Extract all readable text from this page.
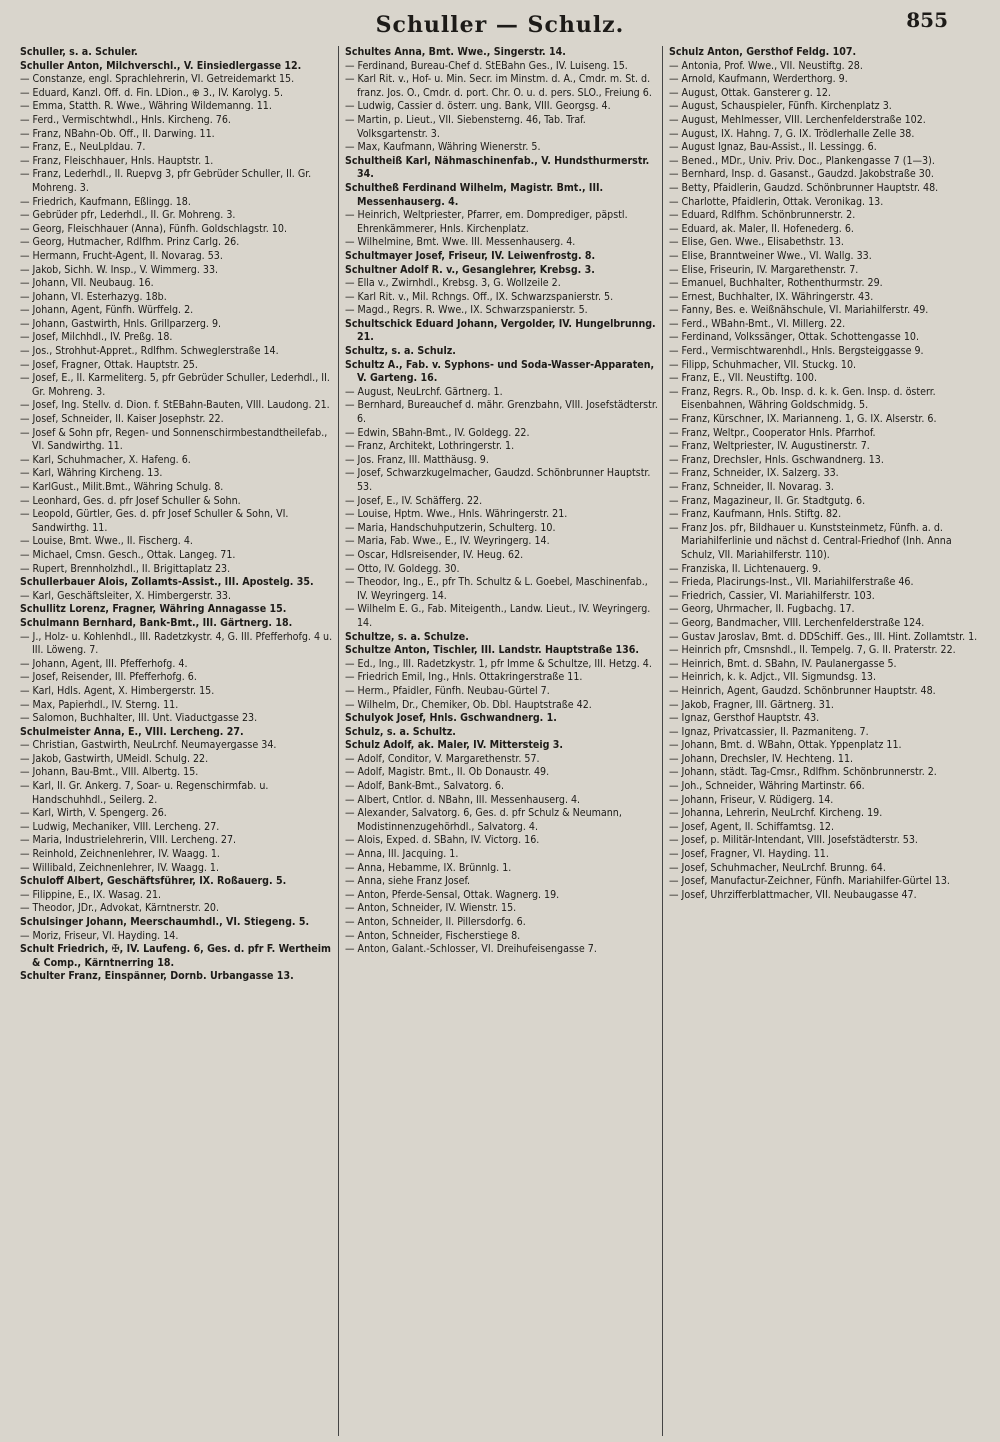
Schuller — Schulz.	855

Schuller, s. a. Schuler.

Schuller Anton, Milchverschl., V. Einsiedlergasse 12.

— Constanze, engl. Sprachlehrerin, VI. Getreidemarkt 15.

— Eduard, Kanzl. Off. d. Fin. LDion., ⊕ 3., IV. Karolyg. 5.

— Emma, Statth. R. Wwe., Währing Wildemanng. 11.

— Ferd., Vermischtwhdl., Hnls. Kircheng. 76.

— Franz, NBahn-Ob. Off., II. Darwing. 11.

— Franz, E., NeuLpldau. 7.

— Franz, Fleischhauer, Hnls. Hauptstr. 1.

— Franz, Lederhdl., II. Ruepvg 3, pfr Gebrüder Schuller, II. Gr. Mohreng. 3.

— Friedrich, Kaufmann, Eßlingg. 18.

— Gebrüder pfr, Lederhdl., II. Gr. Mohreng. 3.

— Georg, Fleischhauer (Anna), Fünfh. Goldschlagstr. 10.

— Georg, Hutmacher, Rdlfhm. Prinz Carlg. 26.

— Hermann, Frucht-Agent, II. Novarag. 53.

— Jakob, Sichh. W. Insp., V. Wimmerg. 33.

— Johann, VII. Neubaug. 16.

— Johann, VI. Esterhazyg. 18b.

— Johann, Agent, Fünfh. Würffelg. 2.

— Johann, Gastwirth, Hnls. Grillparzerg. 9.

— Josef, Milchhdl., IV. Preßg. 18.

— Jos., Strohhut-Appret., Rdlfhm. Schweglerstraße 14.

— Josef, Fragner, Ottak. Hauptstr. 25.

— Josef, E., II. Karmeliterg. 5, pfr Gebrüder Schuller, Lederhdl., II. Gr. Mohreng. 3.

— Josef, Ing. Stellv. d. Dion. f. StEBahn-Bauten, VIII. Laudong. 21.

— Josef, Schneider, II. Kaiser Josephstr. 22.

— Josef & Sohn pfr, Regen- und Sonnenschirmbestandtheilefab., VI. Sandwirthg. 11.

— Karl, Schuhmacher, X. Hafeng. 6.

— Karl, Währing Kircheng. 13.

— KarlGust., Milit.Bmt., Währing Schulg. 8.

— Leonhard, Ges. d. pfr Josef Schuller & Sohn.

— Leopold, Gürtler, Ges. d. pfr Josef Schuller & Sohn, VI. Sandwirthg. 11.

— Louise, Bmt. Wwe., II. Fischerg. 4.

— Michael, Cmsn. Gesch., Ottak. Langeg. 71.

— Rupert, Brennholzhdl., II. Brigittaplatz 23.

Schullerbauer Alois, Zollamts-Assist., III. Apostelg. 35.

— Karl, Geschäftsleiter, X. Himbergerstr. 33.

Schullitz Lorenz, Fragner, Währing Annagasse 15.

Schulmann Bernhard, Bank-Bmt., III. Gärtnerg. 18.

— J., Holz- u. Kohlenhdl., III. Radetzkystr. 4, G. III. Pfefferhofg. 4 u. III. Löweng. 7.

— Johann, Agent, III. Pfefferhofg. 4.

— Josef, Reisender, III. Pfefferhofg. 6.

— Karl, Hdls. Agent, X. Himbergerstr. 15.

— Max, Papierhdl., IV. Sterng. 11.

— Salomon, Buchhalter, III. Unt. Viaductgasse 23.

Schulmeister Anna, E., VIII. Lercheng. 27.

— Christian, Gastwirth, NeuLrchf. Neumayergasse 34.

— Jakob, Gastwirth, UMeidl. Schulg. 22.

— Johann, Bau-Bmt., VIII. Albertg. 15.

— Karl, II. Gr. Ankerg. 7, Soar- u. Regenschirmfab. u. Handschuhhdl., Seilerg. 2.

— Karl, Wirth, V. Spengerg. 26.

— Ludwig, Mechaniker, VIII. Lercheng. 27.

— Maria, Industrielehrerin, VIII. Lercheng. 27.

— Reinhold, Zeichnenlehrer, IV. Waagg. 1.

— Willibald, Zeichnenlehrer, IV. Waagg. 1.

Schuloff Albert, Geschäftsführer, IX. Roßauerg. 5.

— Filippine, E., IX. Wasag. 21.

— Theodor, JDr., Advokat, Kärntnerstr. 20.

Schulsinger Johann, Meerschaumhdl., VI. Stiegeng. 5.

— Moriz, Friseur, VI. Hayding. 14.

Schult Friedrich, ✠, IV. Laufeng. 6, Ges. d. pfr F. Wertheim & Comp., Kärntnerring 18.

Schulter Franz, Einspänner, Dornb. Urbangasse 13.

Schultes Anna, Bmt. Wwe., Singerstr. 14.

— Ferdinand, Bureau-Chef d. StEBahn Ges., IV. Luiseng. 15.

— Karl Rit. v., Hof- u. Min. Secr. im Minstm. d. A., Cmdr. m. St. d. franz. Jos. O., Cmdr. d. port. Chr. O. u. d. pers. SLO., Freiung 6.

— Ludwig, Cassier d. österr. ung. Bank, VIII. Georgsg. 4.

— Martin, p. Lieut., VII. Siebensterng. 46, Tab. Traf. Volksgartenstr. 3.

— Max, Kaufmann, Währing Wienerstr. 5.

Schultheiß Karl, Nähmaschinenfab., V. Hundsthurmerstr. 34.

Schultheß Ferdinand Wilhelm, Magistr. Bmt., III. Messenhauserg. 4.

— Heinrich, Weltpriester, Pfarrer, em. Domprediger, päpstl. Ehrenkämmerer, Hnls. Kirchenplatz.

— Wilhelmine, Bmt. Wwe. III. Messenhauserg. 4.

Schultmayer Josef, Friseur, IV. Leiwenfrostg. 8.

Schultner Adolf R. v., Gesanglehrer, Krebsg. 3.

— Ella v., Zwirnhdl., Krebsg. 3, G. Wollzeile 2.

— Karl Rit. v., Mil. Rchngs. Off., IX. Schwarzspanierstr. 5.

— Magd., Regrs. R. Wwe., IX. Schwarzspanierstr. 5.

Schultschick Eduard Johann, Vergolder, IV. Hungelbrunng. 21.

Schultz, s. a. Schulz.

Schultz A., Fab. v. Syphons- und Soda-Wasser-Apparaten, V. Garteng. 16.

— August, NeuLrchf. Gärtnerg. 1.

— Bernhard, Bureauchef d. mähr. Grenzbahn, VIII. Josefstädterstr. 6.

— Edwin, SBahn-Bmt., IV. Goldegg. 22.

— Franz, Architekt, Lothringerstr. 1.

— Jos. Franz, III. Matthäusg. 9.

— Josef, Schwarzkugelmacher, Gaudzd. Schönbrunner Hauptstr. 53.

— Josef, E., IV. Schäfferg. 22.

— Louise, Hptm. Wwe., Hnls. Währingerstr. 21.

— Maria, Handschuhputzerin, Schulterg. 10.

— Maria, Fab. Wwe., E., IV. Weyringerg. 14.

— Oscar, Hdlsreisender, IV. Heug. 62.

— Otto, IV. Goldegg. 30.

— Theodor, Ing., E., pfr Th. Schultz & L. Goebel, Maschinenfab., IV. Weyringerg. 14.

— Wilhelm E. G., Fab. Miteigenth., Landw. Lieut., IV. Weyringerg. 14.

Schultze, s. a. Schulze.

Schultze Anton, Tischler, III. Landstr. Hauptstraße 136.

— Ed., Ing., III. Radetzkystr. 1, pfr Imme & Schultze, III. Hetzg. 4.

— Friedrich Emil, Ing., Hnls. Ottakringerstraße 11.

— Herm., Pfaidler, Fünfh. Neubau-Gürtel 7.

— Wilhelm, Dr., Chemiker, Ob. Dbl. Hauptstraße 42.

Schulyok Josef, Hnls. Gschwandnerg. 1.

Schulz, s. a. Schultz.

Schulz Adolf, ak. Maler, IV. Mittersteig 3.

— Adolf, Conditor, V. Margarethenstr. 57.

— Adolf, Magistr. Bmt., II. Ob Donaustr. 49.

— Adolf, Bank-Bmt., Salvatorg. 6.

— Albert, Cntlor. d. NBahn, III. Messenhauserg. 4.

— Alexander, Salvatorg. 6, Ges. d. pfr Schulz & Neumann, Modistinnenzugehörhdl., Salvatorg. 4.

— Alois, Exped. d. SBahn, IV. Victorg. 16.

— Anna, III. Jacquing. 1.

— Anna, Hebamme, IX. Brünnlg. 1.

— Anna, siehe Franz Josef.

— Anton, Pferde-Sensal, Ottak. Wagnerg. 19.

— Anton, Schneider, IV. Wienstr. 15.

— Anton, Schneider, II. Pillersdorfg. 6.

— Anton, Schneider, Fischerstiege 8.

— Anton, Galant.-Schlosser, VI. Dreihufeisengasse 7.

Schulz Anton, Gersthof Feldg. 107.

— Antonia, Prof. Wwe., VII. Neustiftg. 28.

— Arnold, Kaufmann, Werderthorg. 9.

— August, Ottak. Gansterer g. 12.

— August, Schauspieler, Fünfh. Kirchenplatz 3.

— August, Mehlmesser, VIII. Lerchenfelderstraße 102.

— August, IX. Hahng. 7, G. IX. Trödlerhalle Zelle 38.

— August Ignaz, Bau-Assist., II. Lessingg. 6.

— Bened., MDr., Univ. Priv. Doc., Plankengasse 7 (1—3).

— Bernhard, Insp. d. Gasanst., Gaudzd. Jakobstraße 30.

— Betty, Pfaidlerin, Gaudzd. Schönbrunner Hauptstr. 48.

— Charlotte, Pfaidlerin, Ottak. Veronikag. 13.

— Eduard, Rdlfhm. Schönbrunnerstr. 2.

— Eduard, ak. Maler, II. Hofenederg. 6.

— Elise, Gen. Wwe., Elisabethstr. 13.

— Elise, Branntweiner Wwe., VI. Wallg. 33.

— Elise, Friseurin, IV. Margarethenstr. 7.

— Emanuel, Buchhalter, Rothenthurmstr. 29.

— Ernest, Buchhalter, IX. Währingerstr. 43.

— Fanny, Bes. e. Weißnähschule, VI. Mariahilferstr. 49.

— Ferd., WBahn-Bmt., VI. Millerg. 22.

— Ferdinand, Volkssänger, Ottak. Schottengasse 10.

— Ferd., Vermischtwarenhdl., Hnls. Bergsteiggasse 9.

— Filipp, Schuhmacher, VII. Stuckg. 10.

— Franz, E., VII. Neustiftg. 100.

— Franz, Regrs. R., Ob. Insp. d. k. k. Gen. Insp. d. österr. Eisenbahnen, Währing Goldschmidg. 5.

— Franz, Kürschner, IX. Marianneng. 1, G. IX. Alserstr. 6.

— Franz, Weltpr., Cooperator Hnls. Pfarrhof.

— Franz, Weltpriester, IV. Augustinerstr. 7.

— Franz, Drechsler, Hnls. Gschwandnerg. 13.

— Franz, Schneider, IX. Salzerg. 33.

— Franz, Schneider, II. Novarag. 3.

— Franz, Magazineur, II. Gr. Stadtgutg. 6.

— Franz, Kaufmann, Hnls. Stiftg. 82.

— Franz Jos. pfr, Bildhauer u. Kunststeinmetz, Fünfh. a. d. Mariahilferlinie und nächst d. Central-Friedhof (Inh. Anna Schulz, VII. Mariahilferstr. 110).

— Franziska, II. Lichtenauerg. 9.

— Frieda, Placirungs-Inst., VII. Mariahilferstraße 46.

— Friedrich, Cassier, VI. Mariahilferstr. 103.

— Georg, Uhrmacher, II. Fugbachg. 17.

— Georg, Bandmacher, VIII. Lerchenfelderstraße 124.

— Gustav Jaroslav, Bmt. d. DDSchiff. Ges., III. Hint. Zollamtstr. 1.

— Heinrich pfr, Cmsnshdl., II. Tempelg. 7, G. II. Praterstr. 22.

— Heinrich, Bmt. d. SBahn, IV. Paulanergasse 5.

— Heinrich, k. k. Adjct., VII. Sigmundsg. 13.

— Heinrich, Agent, Gaudzd. Schönbrunner Hauptstr. 48.

— Jakob, Fragner, III. Gärtnerg. 31.

— Ignaz, Gersthof Hauptstr. 43.

— Ignaz, Privatcassier, II. Pazmaniteng. 7.

— Johann, Bmt. d. WBahn, Ottak. Yppenplatz 11.

— Johann, Drechsler, IV. Hechteng. 11.

— Johann, städt. Tag-Cmsr., Rdlfhm. Schönbrunnerstr. 2.

— Joh., Schneider, Währing Martinstr. 66.

— Johann, Friseur, V. Rüdigerg. 14.

— Johanna, Lehrerin, NeuLrchf. Kircheng. 19.

— Josef, Agent, II. Schiffamtsg. 12.

— Josef, p. Militär-Intendant, VIII. Josefstädterstr. 53.

— Josef, Fragner, VI. Hayding. 11.

— Josef, Schuhmacher, NeuLrchf. Brunng. 64.

— Josef, Manufactur-Zeichner, Fünfh. Mariahilfer-Gürtel 13.

— Josef, Uhrzifferblattmacher, VII. Neubaugasse 47.
